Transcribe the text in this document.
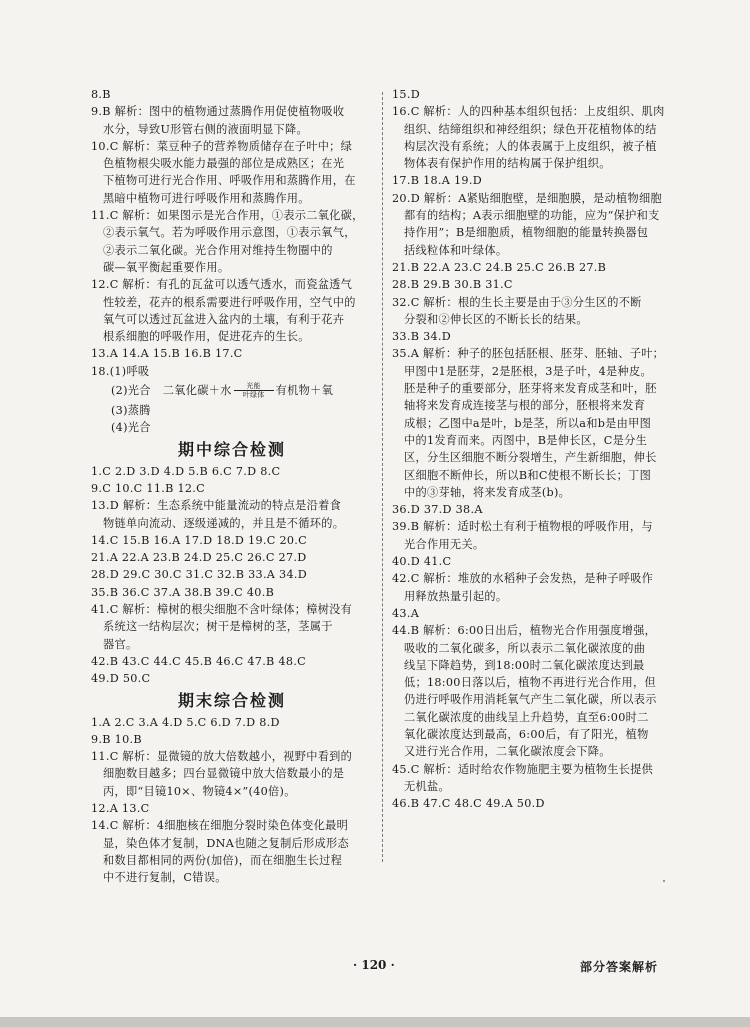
8.B
9.B 解析：图中的植物通过蒸腾作用促使植物吸收
水分，导致U形管右侧的液面明显下降。
10.C 解析：菜豆种子的营养物质储存在子叶中；绿
色植物根尖吸水能力最强的部位是成熟区；在光
下植物可进行光合作用、呼吸作用和蒸腾作用，在
黑暗中植物可进行呼吸作用和蒸腾作用。
11.C 解析：如果图示是光合作用，①表示二氧化碳，
②表示氧气。若为呼吸作用示意图，①表示氧气，
②表示二氧化碳。光合作用对维持生物圈中的
碳—氧平衡起重要作用。
12.C 解析：有孔的瓦盆可以透气透水，而瓷盆透气
性较差，花卉的根系需要进行呼吸作用，空气中的
氧气可以透过瓦盆进入盆内的土壤，有利于花卉
根系细胞的呼吸作用，促进花卉的生长。
13.A 14.A 15.B 16.B 17.C
18.(1)呼吸
(2)光合 二氧化碳＋水 光能
叶绿体 有机物＋氧
(3)蒸腾
(4)光合
期中综合检测
1.C 2.D 3.D 4.D 5.B 6.C 7.D 8.C
9.C 10.C 11.B 12.C
13.D 解析：生态系统中能量流动的特点是沿着食
物链单向流动、逐级递减的，并且是不循环的。
14.C 15.B 16.A 17.D 18.D 19.C 20.C
21.A 22.A 23.B 24.D 25.C 26.C 27.D
28.D 29.C 30.C 31.C 32.B 33.A 34.D
35.B 36.C 37.A 38.B 39.C 40.B
41.C 解析：樟树的根尖细胞不含叶绿体；樟树没有
系统这一结构层次；树干是樟树的茎，茎属于
器官。
42.B 43.C 44.C 45.B 46.C 47.B 48.C
49.D 50.C
期末综合检测
1.A 2.C 3.A 4.D 5.C 6.D 7.D 8.D
9.B 10.B
11.C 解析：显微镜的放大倍数越小，视野中看到的
细胞数目越多；四台显微镜中放大倍数最小的是
丙，即“目镜10×、物镜4×”(40倍)。
12.A 13.C
14.C 解析：4细胞核在细胞分裂时染色体变化最明
显，染色体才复制，DNA也随之复制后形成形态
和数目都相同的两份(加倍)，而在细胞生长过程
中不进行复制，C错误。
15.D
16.C 解析：人的四种基本组织包括：上皮组织、肌肉
组织、结缔组织和神经组织；绿色开花植物体的结
构层次没有系统；人的体表属于上皮组织，被子植
物体表有保护作用的结构属于保护组织。
17.B 18.A 19.D
20.D 解析：A紧贴细胞壁，是细胞膜，是动植物细胞
都有的结构；A表示细胞壁的功能，应为“保护和支
持作用”；B是细胞质，植物细胞的能量转换器包
括线粒体和叶绿体。
21.B 22.A 23.C 24.B 25.C 26.B 27.B
28.B 29.B 30.B 31.C
32.C 解析：根的生长主要是由于③分生区的不断
分裂和②伸长区的不断长长的结果。
33.B 34.D
35.A 解析：种子的胚包括胚根、胚芽、胚轴、子叶；
甲图中1是胚芽，2是胚根，3是子叶，4是种皮。
胚是种子的重要部分，胚芽将来发育成茎和叶，胚
轴将来发育成连接茎与根的部分，胚根将来发育
成根；乙图中a是叶，b是茎，所以a和b是由甲图
中的1发育而来。丙图中，B是伸长区，C是分生
区，分生区细胞不断分裂增生，产生新细胞，伸长
区细胞不断伸长，所以B和C使根不断长长；丁图
中的③芽轴，将来发育成茎(b)。
36.D 37.D 38.A
39.B 解析：适时松土有利于植物根的呼吸作用，与
光合作用无关。
40.D 41.C
42.C 解析：堆放的水稻种子会发热，是种子呼吸作
用释放热量引起的。
43.A
44.B 解析：6:00日出后，植物光合作用强度增强，
吸收的二氧化碳多，所以表示二氧化碳浓度的曲
线呈下降趋势，到18:00时二氧化碳浓度达到最
低；18:00日落以后，植物不再进行光合作用，但
仍进行呼吸作用消耗氧气产生二氧化碳，所以表示
二氧化碳浓度的曲线呈上升趋势，直至6:00时二
氧化碳浓度达到最高，6:00后，有了阳光，植物
又进行光合作用，二氧化碳浓度会下降。
45.C 解析：适时给农作物施肥主要为植物生长提供
无机盐。
46.B 47.C 48.C 49.A 50.D
· 120 ·	部分答案解析
